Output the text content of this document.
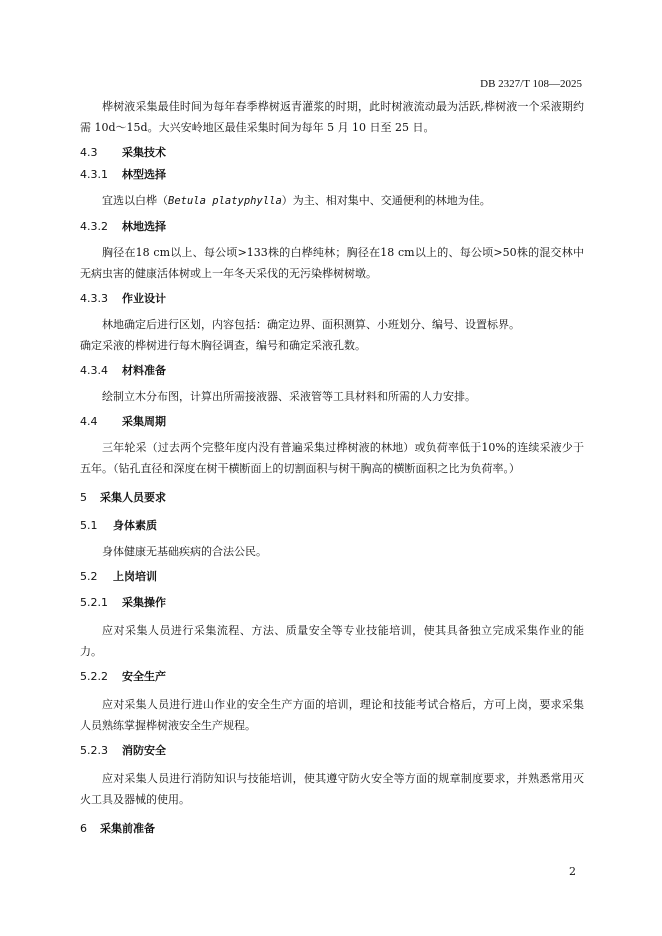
DB 2327/T 108—2025

桦树液采集最佳时间为每年春季桦树返青灌浆的时期，此时树液流动最为活跃,桦树液一个采液期约需 10d～15d。大兴安岭地区最佳采集时间为每年 5 月 10 日至 25 日。

4.3 采集技术
4.3.1 林型选择

宜选以白桦（Betula platyphylla）为主、相对集中、交通便利的林地为佳。

4.3.2 林地选择

胸径在18 cm以上、每公顷>133株的白桦纯林；胸径在18 cm以上的、每公顷>50株的混交林中无病虫害的健康活体树或上一年冬天采伐的无污染桦树树墩。

4.3.3 作业设计

林地确定后进行区划，内容包括：确定边界、面积测算、小班划分、编号、设置标界。

确定采液的桦树进行每木胸径调查，编号和确定采液孔数。

4.3.4 材料准备

绘制立木分布图，计算出所需接液器、采液管等工具材料和所需的人力安排。

4.4 采集周期

三年轮采（过去两个完整年度内没有普遍采集过桦树液的林地）或负荷率低于10%的连续采液少于五年。（钻孔直径和深度在树干横断面上的切割面积与树干胸高的横断面积之比为负荷率。）

5 采集人员要求
5.1 身体素质

身体健康无基础疾病的合法公民。

5.2 上岗培训
5.2.1 采集操作

应对采集人员进行采集流程、方法、质量安全等专业技能培训，使其具备独立完成采集作业的能力。

5.2.2 安全生产

应对采集人员进行进山作业的安全生产方面的培训，理论和技能考试合格后，方可上岗，要求采集人员熟练掌握桦树液安全生产规程。

5.2.3 消防安全

应对采集人员进行消防知识与技能培训，使其遵守防火安全等方面的规章制度要求，并熟悉常用灭火工具及器械的使用。

6 采集前准备
2
